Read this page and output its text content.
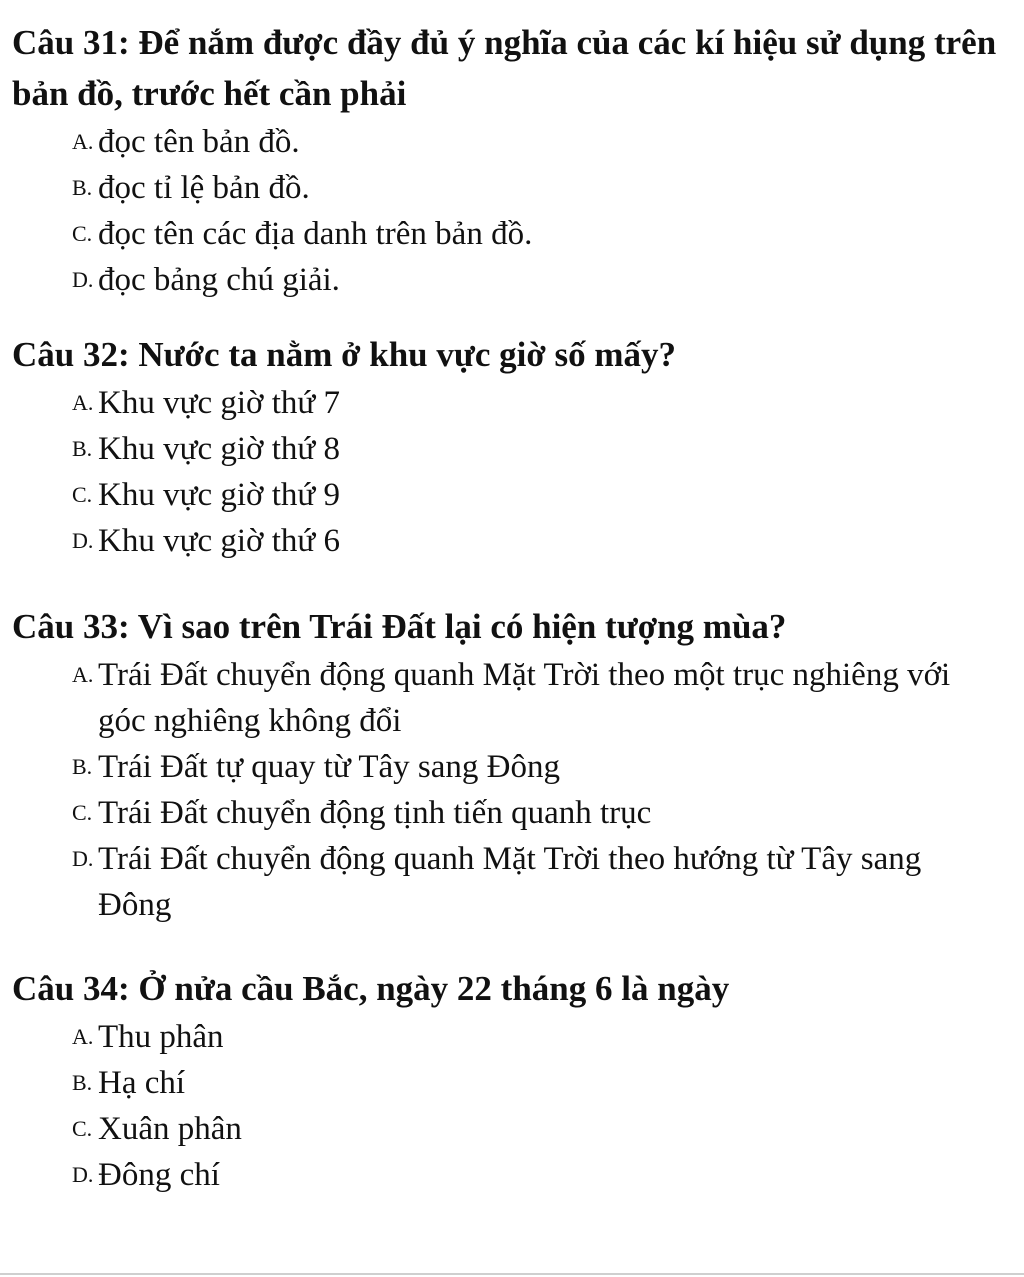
Câu 31: Để nắm được đầy đủ ý nghĩa của các kí hiệu sử dụng trên bản đồ, trước hết cần phải

A. đọc tên bản đồ.
B. đọc tỉ lệ bản đồ.
C. đọc tên các địa danh trên bản đồ.
D. đọc bảng chú giải.

Câu 32: Nước ta nằm ở khu vực giờ số mấy?

A. Khu vực giờ thứ 7
B. Khu vực giờ thứ 8
C. Khu vực giờ thứ 9
D. Khu vực giờ thứ 6

Câu 33: Vì sao trên Trái Đất lại có hiện tượng mùa?

A. Trái Đất chuyển động quanh Mặt Trời theo một trục nghiêng với góc nghiêng không đổi
B. Trái Đất tự quay từ Tây sang Đông
C. Trái Đất chuyển động tịnh tiến quanh trục
D. Trái Đất chuyển động quanh Mặt Trời theo hướng từ Tây sang Đông

Câu 34: Ở nửa cầu Bắc, ngày 22 tháng 6 là ngày

A. Thu phân
B. Hạ chí
C. Xuân phân
D. Đông chí
